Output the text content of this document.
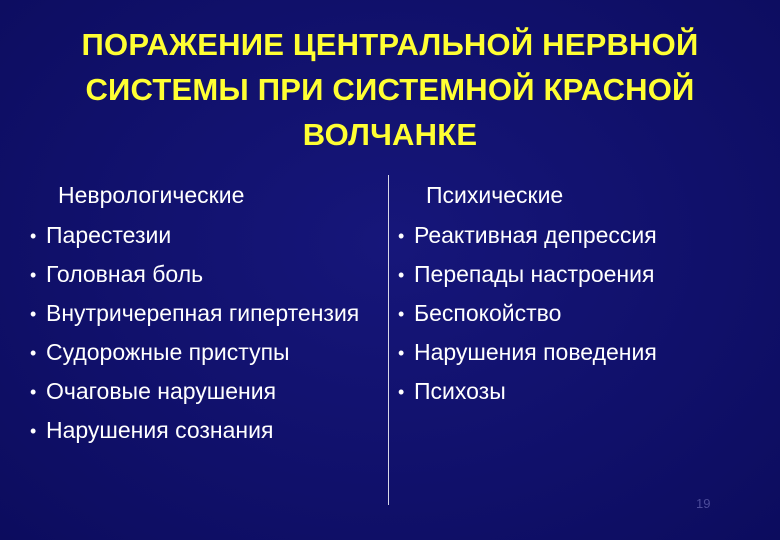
ПОРАЖЕНИЕ ЦЕНТРАЛЬНОЙ НЕРВНОЙ
СИСТЕМЫ ПРИ СИСТЕМНОЙ КРАСНОЙ
ВОЛЧАНКЕ
Неврологические
• Парестезии
• Головная боль
• Внутричерепная гипертензия
• Судорожные приступы
• Очаговые нарушения
• Нарушения сознания
Психические
• Реактивная депрессия
• Перепады настроения
• Беспокойство
• Нарушения поведения
• Психозы
19
